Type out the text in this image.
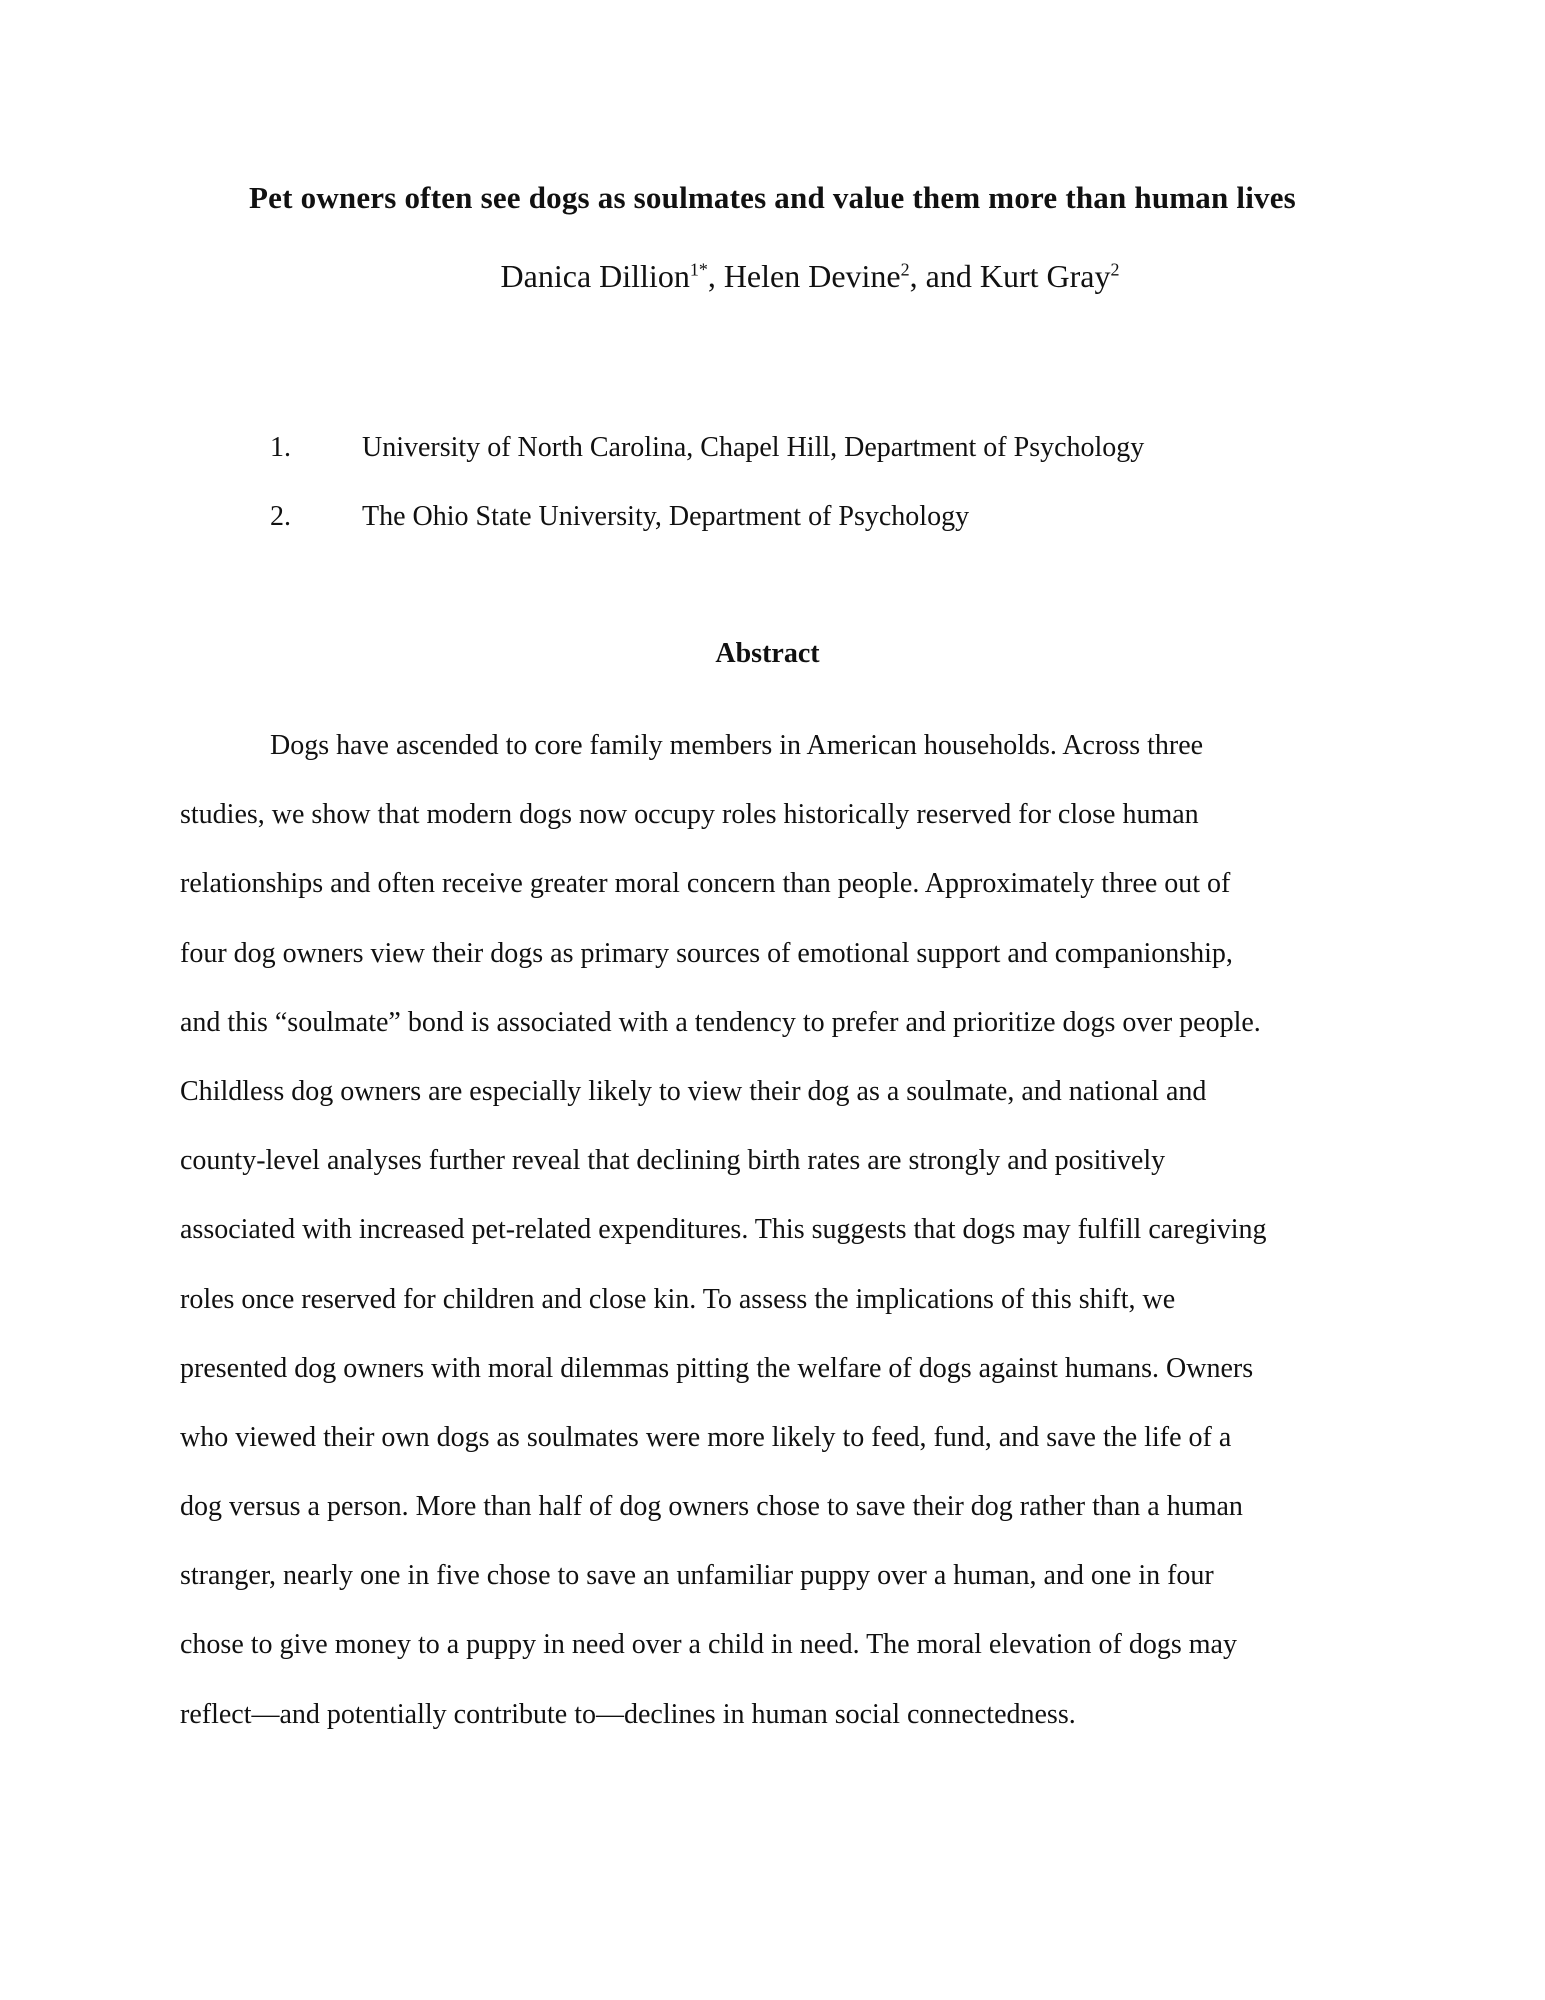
Pet owners often see dogs as soulmates and value them more than human lives

Danica Dillion$^{1*}$, Helen Devine$^2$, and Kurt Gray$^2$

1.	University of North Carolina, Chapel Hill, Department of Psychology

2.	The Ohio State University, Department of Psychology

Abstract
Dogs have ascended to core family members in American households. Across three
studies, we show that modern dogs now occupy roles historically reserved for close human
relationships and often receive greater moral concern than people. Approximately three out of
four dog owners view their dogs as primary sources of emotional support and companionship,
and this “soulmate” bond is associated with a tendency to prefer and prioritize dogs over people.
Childless dog owners are especially likely to view their dog as a soulmate, and national and
county-level analyses further reveal that declining birth rates are strongly and positively
associated with increased pet-related expenditures. This suggests that dogs may fulfill caregiving
roles once reserved for children and close kin. To assess the implications of this shift, we
presented dog owners with moral dilemmas pitting the welfare of dogs against humans. Owners
who viewed their own dogs as soulmates were more likely to feed, fund, and save the life of a
dog versus a person. More than half of dog owners chose to save their dog rather than a human
stranger, nearly one in five chose to save an unfamiliar puppy over a human, and one in four
chose to give money to a puppy in need over a child in need. The moral elevation of dogs may
reflect—and potentially contribute to—declines in human social connectedness.
